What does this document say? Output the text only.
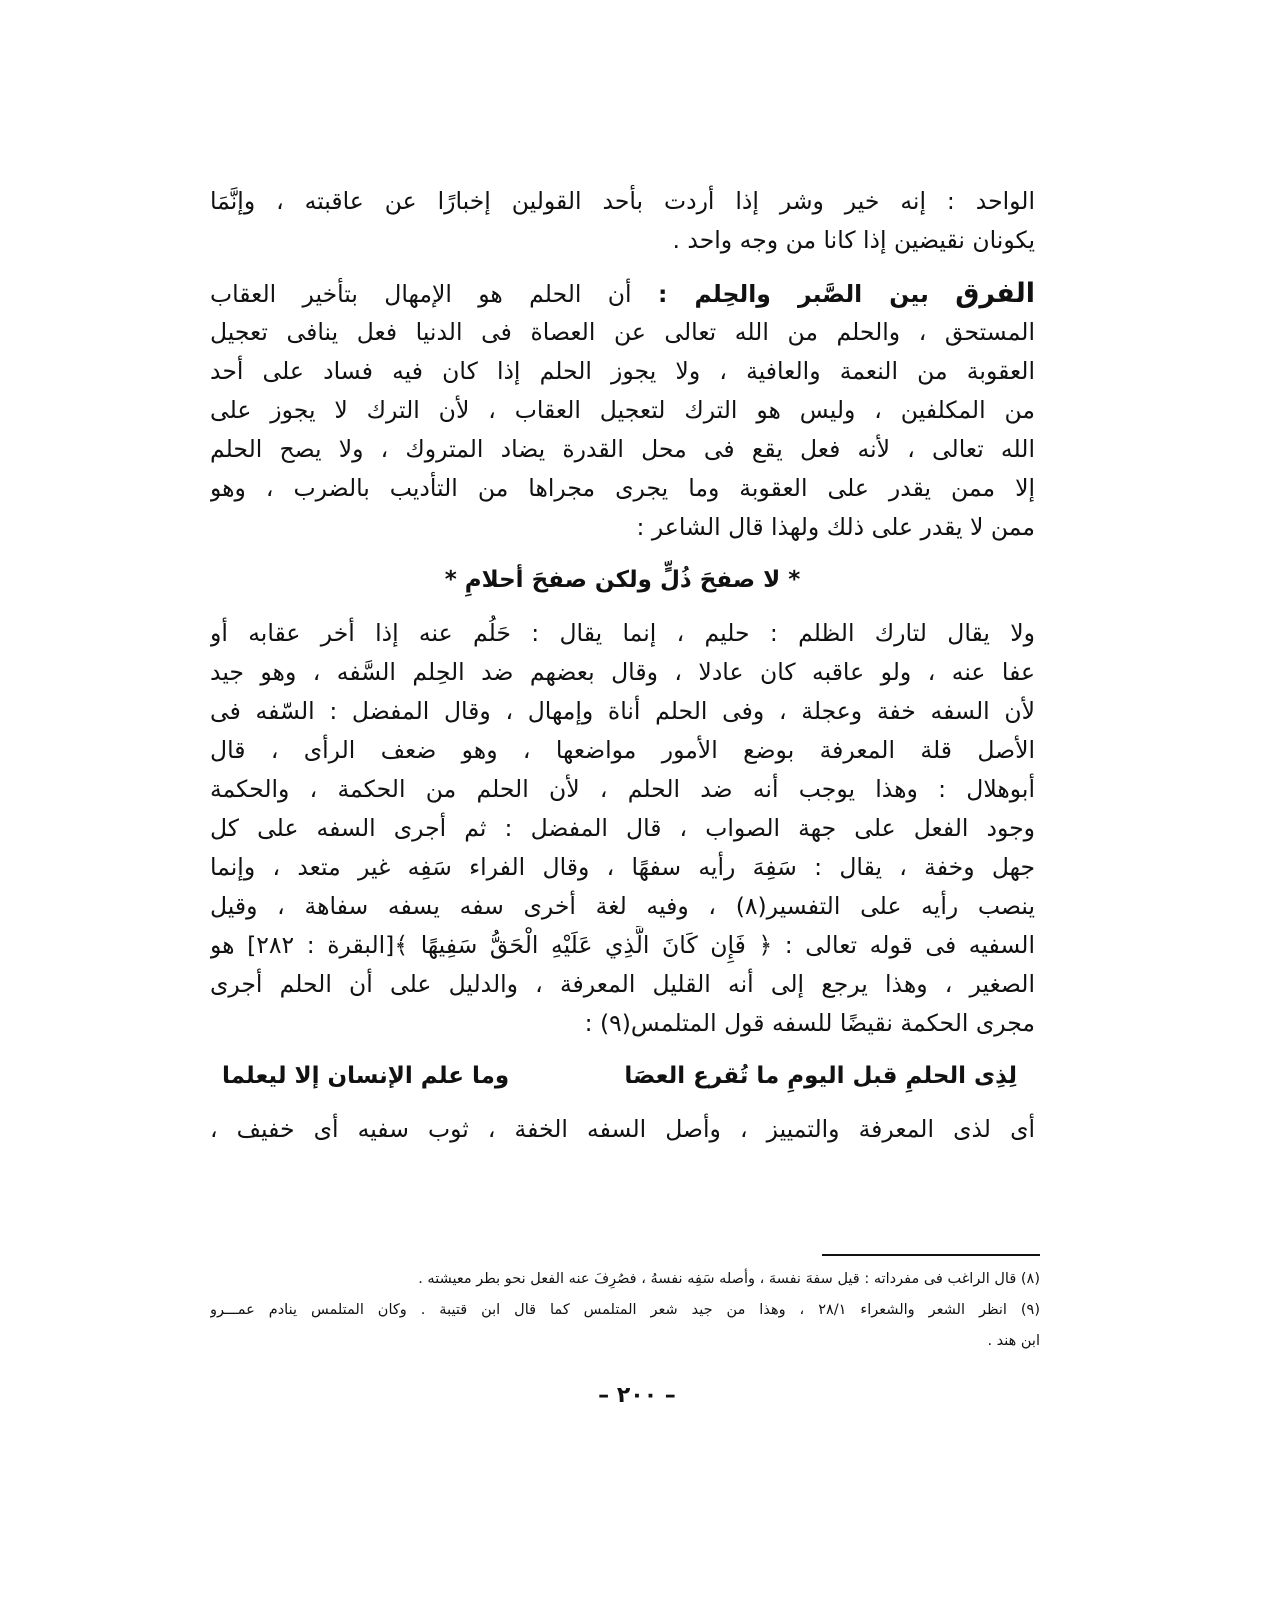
الواحد : إنه خير وشر إذا أردت بأحد القولين إخبارًا عن عاقبته ، وإنَّمَا
يكونان نقيضين إذا كانا من وجه واحد .
الفرق بين الصَّبر والحِلم : أن الحلم هو الإمهال بتأخير العقاب
المستحق ، والحلم من الله تعالى عن العصاة فى الدنيا فعل ينافى تعجيل
العقوبة من النعمة والعافية ، ولا يجوز الحلم إذا كان فيه فساد على أحد
من المكلفين ، وليس هو الترك لتعجيل العقاب ، لأن الترك لا يجوز على
الله تعالى ، لأنه فعل يقع فى محل القدرة يضاد المتروك ، ولا يصح الحلم
إلا ممن يقدر على العقوبة وما يجرى مجراها من التأديب بالضرب ، وهو
ممن لا يقدر على ذلك ولهذا قال الشاعر :
* لا صفحَ ذُلٍّ ولكن صفحَ أحلامِ *
ولا يقال لتارك الظلم : حليم ، إنما يقال : حَلُم عنه إذا أخر عقابه أو
عفا عنه ، ولو عاقبه كان عادلا ، وقال بعضهم ضد الحِلم السَّفه ، وهو جيد
لأن السفه خفة وعجلة ، وفى الحلم أناة وإمهال ، وقال المفضل : السّفه فى
الأصل قلة المعرفة بوضع الأمور مواضعها ، وهو ضعف الرأى ، قال
أبوهلال : وهذا يوجب أنه ضد الحلم ، لأن الحلم من الحكمة ، والحكمة
وجود الفعل على جهة الصواب ، قال المفضل : ثم أجرى السفه على كل
جهل وخفة ، يقال : سَفِهَ رأيه سفهًا ، وقال الفراء سَفِه غير متعد ، وإنما
ينصب رأيه على التفسير(٨) ، وفيه لغة أخرى سفه يسفه سفاهة ، وقيل
السفيه فى قوله تعالى : ﴿ فَإِن كَانَ الَّذِي عَلَيْهِ الْحَقُّ سَفِيهًا ﴾[البقرة : ٢٨٢] هو
الصغير ، وهذا يرجع إلى أنه القليل المعرفة ، والدليل على أن الحلم أجرى
مجرى الحكمة نقيضًا للسفه قول المتلمس(٩) :
لِذِى الحلمِ قبل اليومِ ما تُقرع العصَا
وما علم الإنسان إلا ليعلما
أى لذى المعرفة والتمييز ، وأصل السفه الخفة ، ثوب سفيه أى خفيف ،
(٨) قال الراغب فى مفرداته : قيل سفهَ نفسهَ ، وأصله سَفِه نفسهُ ، فصُرِفَ عنه الفعل نحو بطر معيشته .
(٩) انظر الشعر والشعراء ٢٨/١ ، وهذا من جيد شعر المتلمس كما قال ابن قتيبة . وكان المتلمس ينادم عمـــرو
ابن هند .
– ٢٠٠ –
